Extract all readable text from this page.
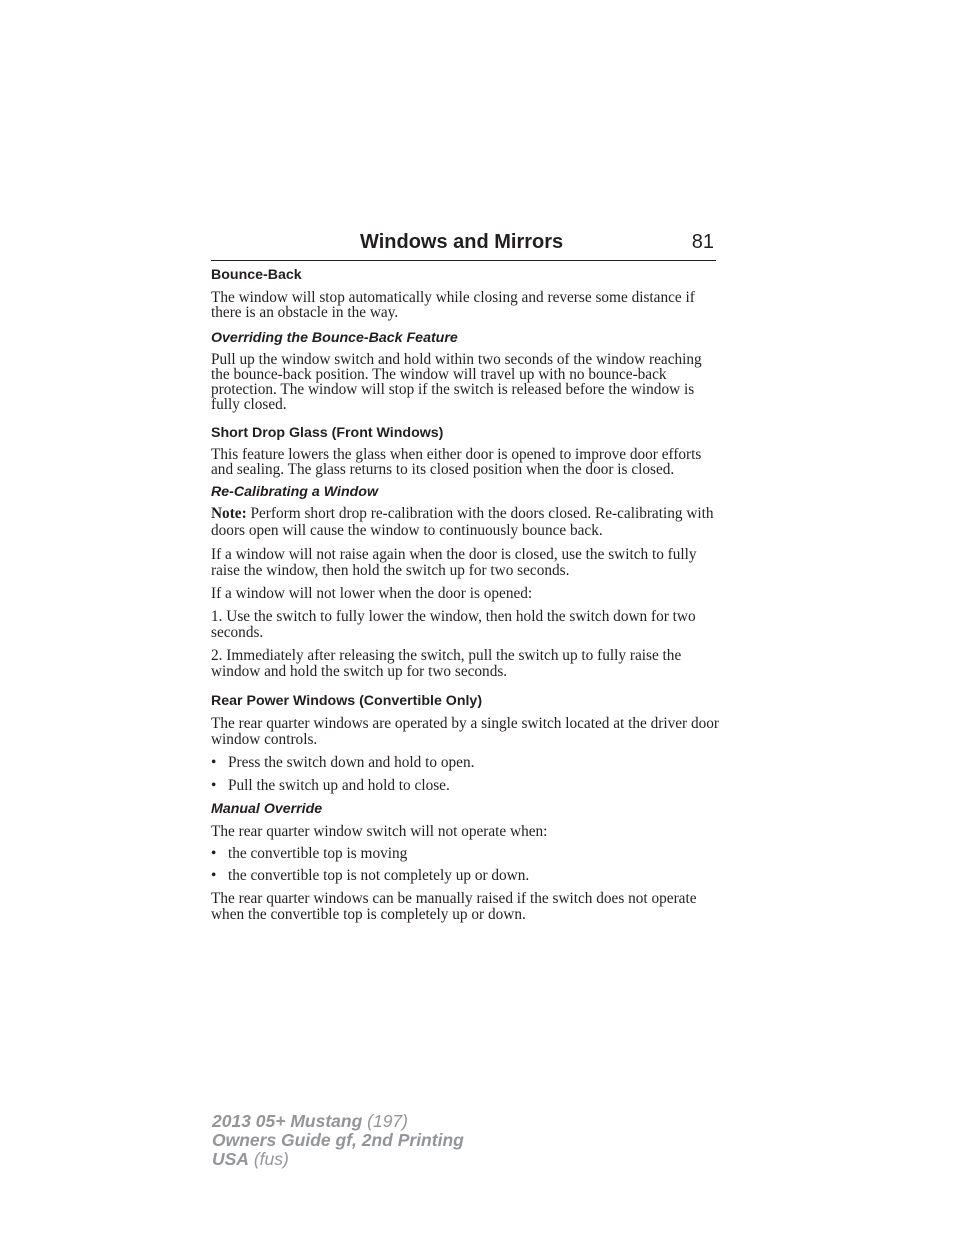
Windows and Mirrors	81
Bounce-Back

The window will stop automatically while closing and reverse some distance if there is an obstacle in the way.

Overriding the Bounce-Back Feature

Pull up the window switch and hold within two seconds of the window reaching the bounce-back position. The window will travel up with no bounce-back protection. The window will stop if the switch is released before the window is fully closed.

Short Drop Glass (Front Windows)

This feature lowers the glass when either door is opened to improve door efforts and sealing. The glass returns to its closed position when the door is closed.

Re-Calibrating a Window

Note: Perform short drop re-calibration with the doors closed. Re-calibrating with doors open will cause the window to continuously bounce back.

If a window will not raise again when the door is closed, use the switch to fully raise the window, then hold the switch up for two seconds.

If a window will not lower when the door is opened:

1. Use the switch to fully lower the window, then hold the switch down for two seconds.

2. Immediately after releasing the switch, pull the switch up to fully raise the window and hold the switch up for two seconds.

Rear Power Windows (Convertible Only)

The rear quarter windows are operated by a single switch located at the driver door window controls.

• Press the switch down and hold to open.
• Pull the switch up and hold to close.
Manual Override

The rear quarter window switch will not operate when:

• the convertible top is moving
• the convertible top is not completely up or down.

The rear quarter windows can be manually raised if the switch does not operate when the convertible top is completely up or down.

2013 05+ Mustang (197)
Owners Guide gf, 2nd Printing
USA (fus)
